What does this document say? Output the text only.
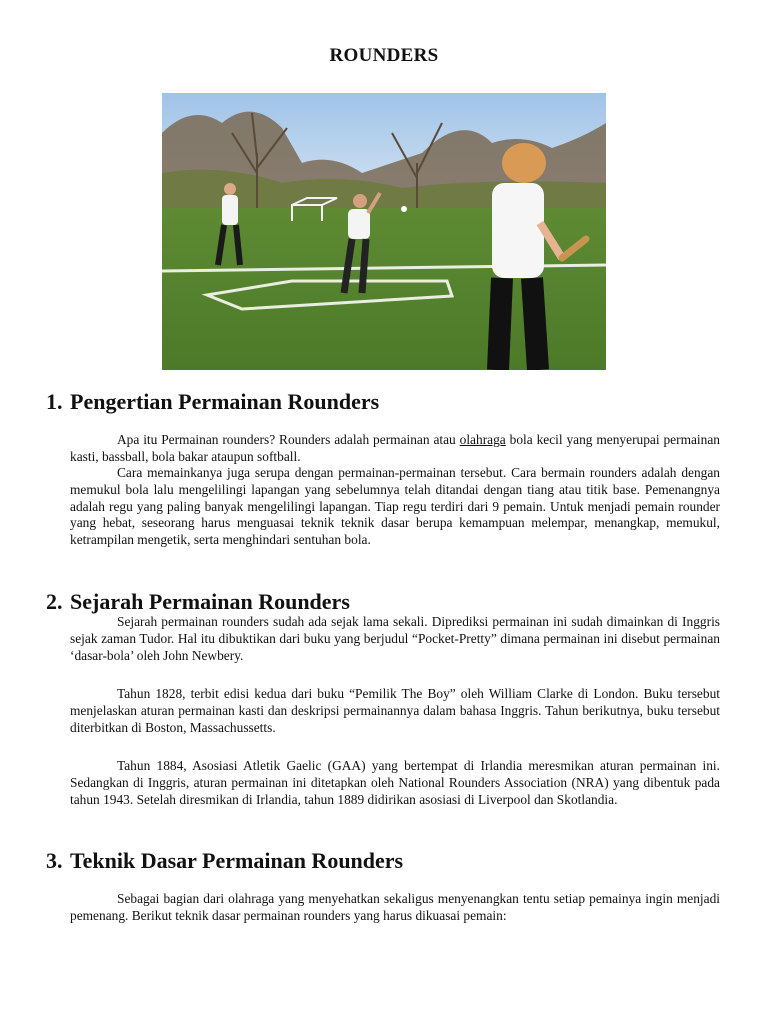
ROUNDERS
1. Pengertian Permainan Rounders
Apa itu Permainan rounders? Rounders adalah permainan atau olahraga bola kecil yang menyerupai permainan kasti, bassball, bola bakar ataupun softball.
Cara memainkanya juga serupa dengan permainan-permainan tersebut. Cara bermain rounders adalah dengan memukul bola lalu mengelilingi lapangan yang sebelumnya telah ditandai dengan tiang atau titik base. Pemenangnya adalah regu yang paling banyak mengelilingi lapangan. Tiap regu terdiri dari 9 pemain. Untuk menjadi pemain rounder yang hebat, seseorang harus menguasai teknik teknik dasar berupa kemampuan melempar, menangkap, memukul, ketrampilan mengetik, serta menghindari sentuhan bola.
2. Sejarah Permainan Rounders
Sejarah permainan rounders sudah ada sejak lama sekali. Diprediksi permainan ini sudah dimainkan di Inggris sejak zaman Tudor. Hal itu dibuktikan dari buku yang berjudul “Pocket-Pretty” dimana permainan ini disebut permainan ‘dasar-bola’ oleh John Newbery.
Tahun 1828, terbit edisi kedua dari buku “Pemilik The Boy” oleh William Clarke di London. Buku tersebut menjelaskan aturan permainan kasti dan deskripsi permainannya dalam bahasa Inggris. Tahun berikutnya, buku tersebut diterbitkan di Boston, Massachussetts.
Tahun 1884, Asosiasi Atletik Gaelic (GAA) yang bertempat di Irlandia meresmikan aturan permainan ini. Sedangkan di Inggris, aturan permainan ini ditetapkan oleh National Rounders Association (NRA) yang dibentuk pada tahun 1943. Setelah diresmikan di Irlandia, tahun 1889 didirikan asosiasi di Liverpool dan Skotlandia.
3. Teknik Dasar Permainan Rounders
Sebagai bagian dari olahraga yang menyehatkan sekaligus menyenangkan tentu setiap pemainya ingin menjadi pemenang. Berikut teknik dasar permainan rounders yang harus dikuasai pemain:
